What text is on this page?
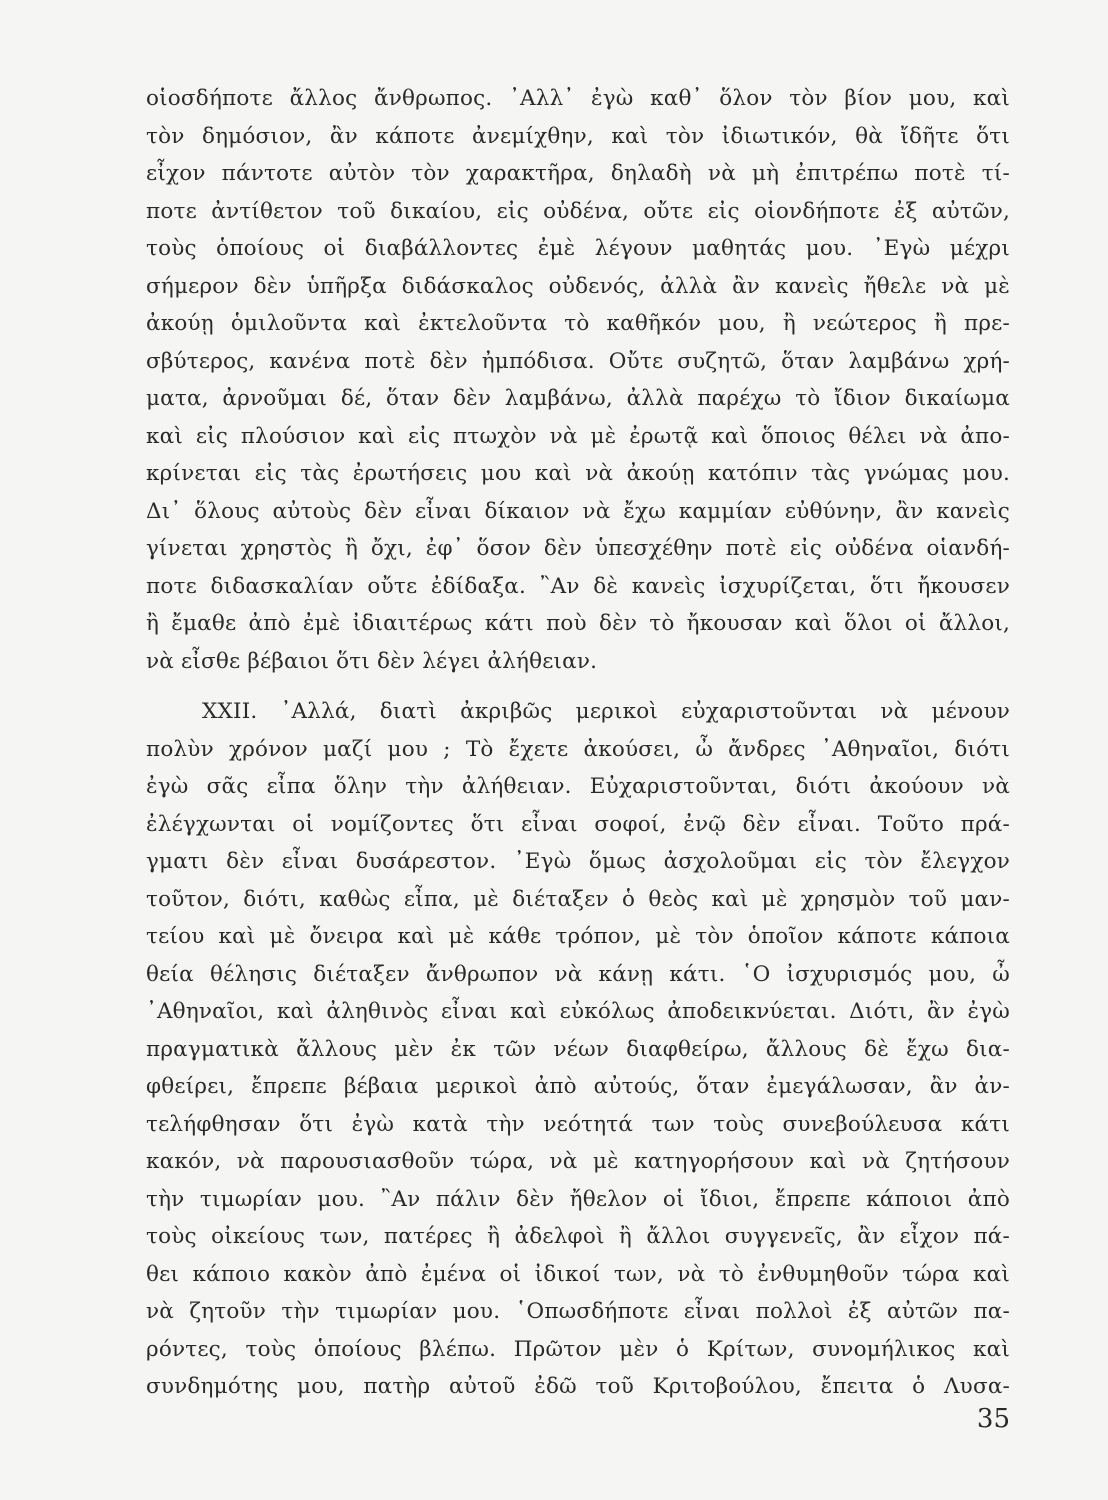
οἱοσδήποτε ἄλλος ἄνθρωπος. ᾿Αλλ᾿ ἐγὼ καθ᾿ ὅλον τὸν βίον μου, καὶ
τὸν δημόσιον, ἂν κάποτε ἀνεμίχθην, καὶ τὸν ἰδιωτικόν, θὰ ἴδῆτε ὅτι
εἶχον πάντοτε αὐτὸν τὸν χαρακτῆρα, δηλαδὴ νὰ μὴ ἐπιτρέπω ποτὲ τί-
ποτε ἀντίθετον τοῦ δικαίου, εἰς οὐδένα, οὔτε εἰς οἱονδήποτε ἐξ αὐτῶν,
τοὺς ὁποίους οἱ διαβάλλοντες ἐμὲ λέγουν μαθητάς μου. ᾿Εγὼ μέχρι
σήμερον δὲν ὑπῆρξα διδάσκαλος οὐδενός, ἀλλὰ ἂν κανεὶς ἤθελε νὰ μὲ
ἀκούῃ ὁμιλοῦντα καὶ ἐκτελοῦντα τὸ καθῆκόν μου, ἢ νεώτερος ἢ πρε-
σβύτερος, κανένα ποτὲ δὲν ἠμπόδισα. Οὔτε συζητῶ, ὅταν λαμβάνω χρή-
ματα, ἀρνοῦμαι δέ, ὅταν δὲν λαμβάνω, ἀλλὰ παρέχω τὸ ἴδιον δικαίωμα
καὶ εἰς πλούσιον καὶ εἰς πτωχὸν νὰ μὲ ἐρωτᾷ καὶ ὅποιος θέλει νὰ ἀπο-
κρίνεται εἰς τὰς ἐρωτήσεις μου καὶ νὰ ἀκούῃ κατόπιν τὰς γνώμας μου.
Δι᾿ ὅλους αὐτοὺς δὲν εἶναι δίκαιον νὰ ἔχω καμμίαν εὐθύνην, ἂν κανεὶς
γίνεται χρηστὸς ἢ ὄχι, ἐφ᾿ ὅσον δὲν ὑπεσχέθην ποτὲ εἰς οὐδένα οἱανδή-
ποτε διδασκαλίαν οὔτε ἐδίδαξα. ῍Αν δὲ κανεὶς ἰσχυρίζεται, ὅτι ἤκουσεν
ἢ ἔμαθε ἀπὸ ἐμὲ ἰδιαιτέρως κάτι ποὺ δὲν τὸ ἤκουσαν καὶ ὅλοι οἱ ἄλλοι,
νὰ εἶσθε βέβαιοι ὅτι δὲν λέγει ἀλήθειαν.
XXII. ᾿Αλλά, διατὶ ἀκριβῶς μερικοὶ εὐχαριστοῦνται νὰ μένουν
πολὺν χρόνον μαζί μου ; Τὸ ἔχετε ἀκούσει, ὦ ἄνδρες ᾿Αθηναῖοι, διότι
ἐγὼ σᾶς εἶπα ὅλην τὴν ἀλήθειαν. Εὐχαριστοῦνται, διότι ἀκούουν νὰ
ἐλέγχωνται οἱ νομίζοντες ὅτι εἶναι σοφοί, ἐνῷ δὲν εἶναι. Τοῦτο πρά-
γματι δὲν εἶναι δυσάρεστον. ᾿Εγὼ ὅμως ἀσχολοῦμαι εἰς τὸν ἔλεγχον
τοῦτον, διότι, καθὼς εἶπα, μὲ διέταξεν ὁ θεὸς καὶ μὲ χρησμὸν τοῦ μαν-
τείου καὶ μὲ ὄνειρα καὶ μὲ κάθε τρόπον, μὲ τὸν ὁποῖον κάποτε κάποια
θεία θέλησις διέταξεν ἄνθρωπον νὰ κάνῃ κάτι. ῾Ο ἰσχυρισμός μου, ὦ
᾿Αθηναῖοι, καὶ ἀληθινὸς εἶναι καὶ εὐκόλως ἀποδεικνύεται. Διότι, ἂν ἐγὼ
πραγματικὰ ἄλλους μὲν ἐκ τῶν νέων διαφθείρω, ἄλλους δὲ ἔχω δια-
φθείρει, ἔπρεπε βέβαια μερικοὶ ἀπὸ αὐτούς, ὅταν ἐμεγάλωσαν, ἂν ἀν-
τελήφθησαν ὅτι ἐγὼ κατὰ τὴν νεότητά των τοὺς συνεβούλευσα κάτι
κακόν, νὰ παρουσιασθοῦν τώρα, νὰ μὲ κατηγορήσουν καὶ νὰ ζητήσουν
τὴν τιμωρίαν μου. ῍Αν πάλιν δὲν ἤθελον οἱ ἴδιοι, ἔπρεπε κάποιοι ἀπὸ
τοὺς οἰκείους των, πατέρες ἢ ἀδελφοὶ ἢ ἄλλοι συγγενεῖς, ἂν εἶχον πά-
θει κάποιο κακὸν ἀπὸ ἐμένα οἱ ἰδικοί των, νὰ τὸ ἐνθυμηθοῦν τώρα καὶ
νὰ ζητοῦν τὴν τιμωρίαν μου. ῾Οπωσδήποτε εἶναι πολλοὶ ἐξ αὐτῶν πα-
ρόντες, τοὺς ὁποίους βλέπω. Πρῶτον μὲν ὁ Κρίτων, συνομήλικος καὶ
συνδημότης μου, πατὴρ αὐτοῦ ἐδῶ τοῦ Κριτοβούλου, ἔπειτα ὁ Λυσα-
35
